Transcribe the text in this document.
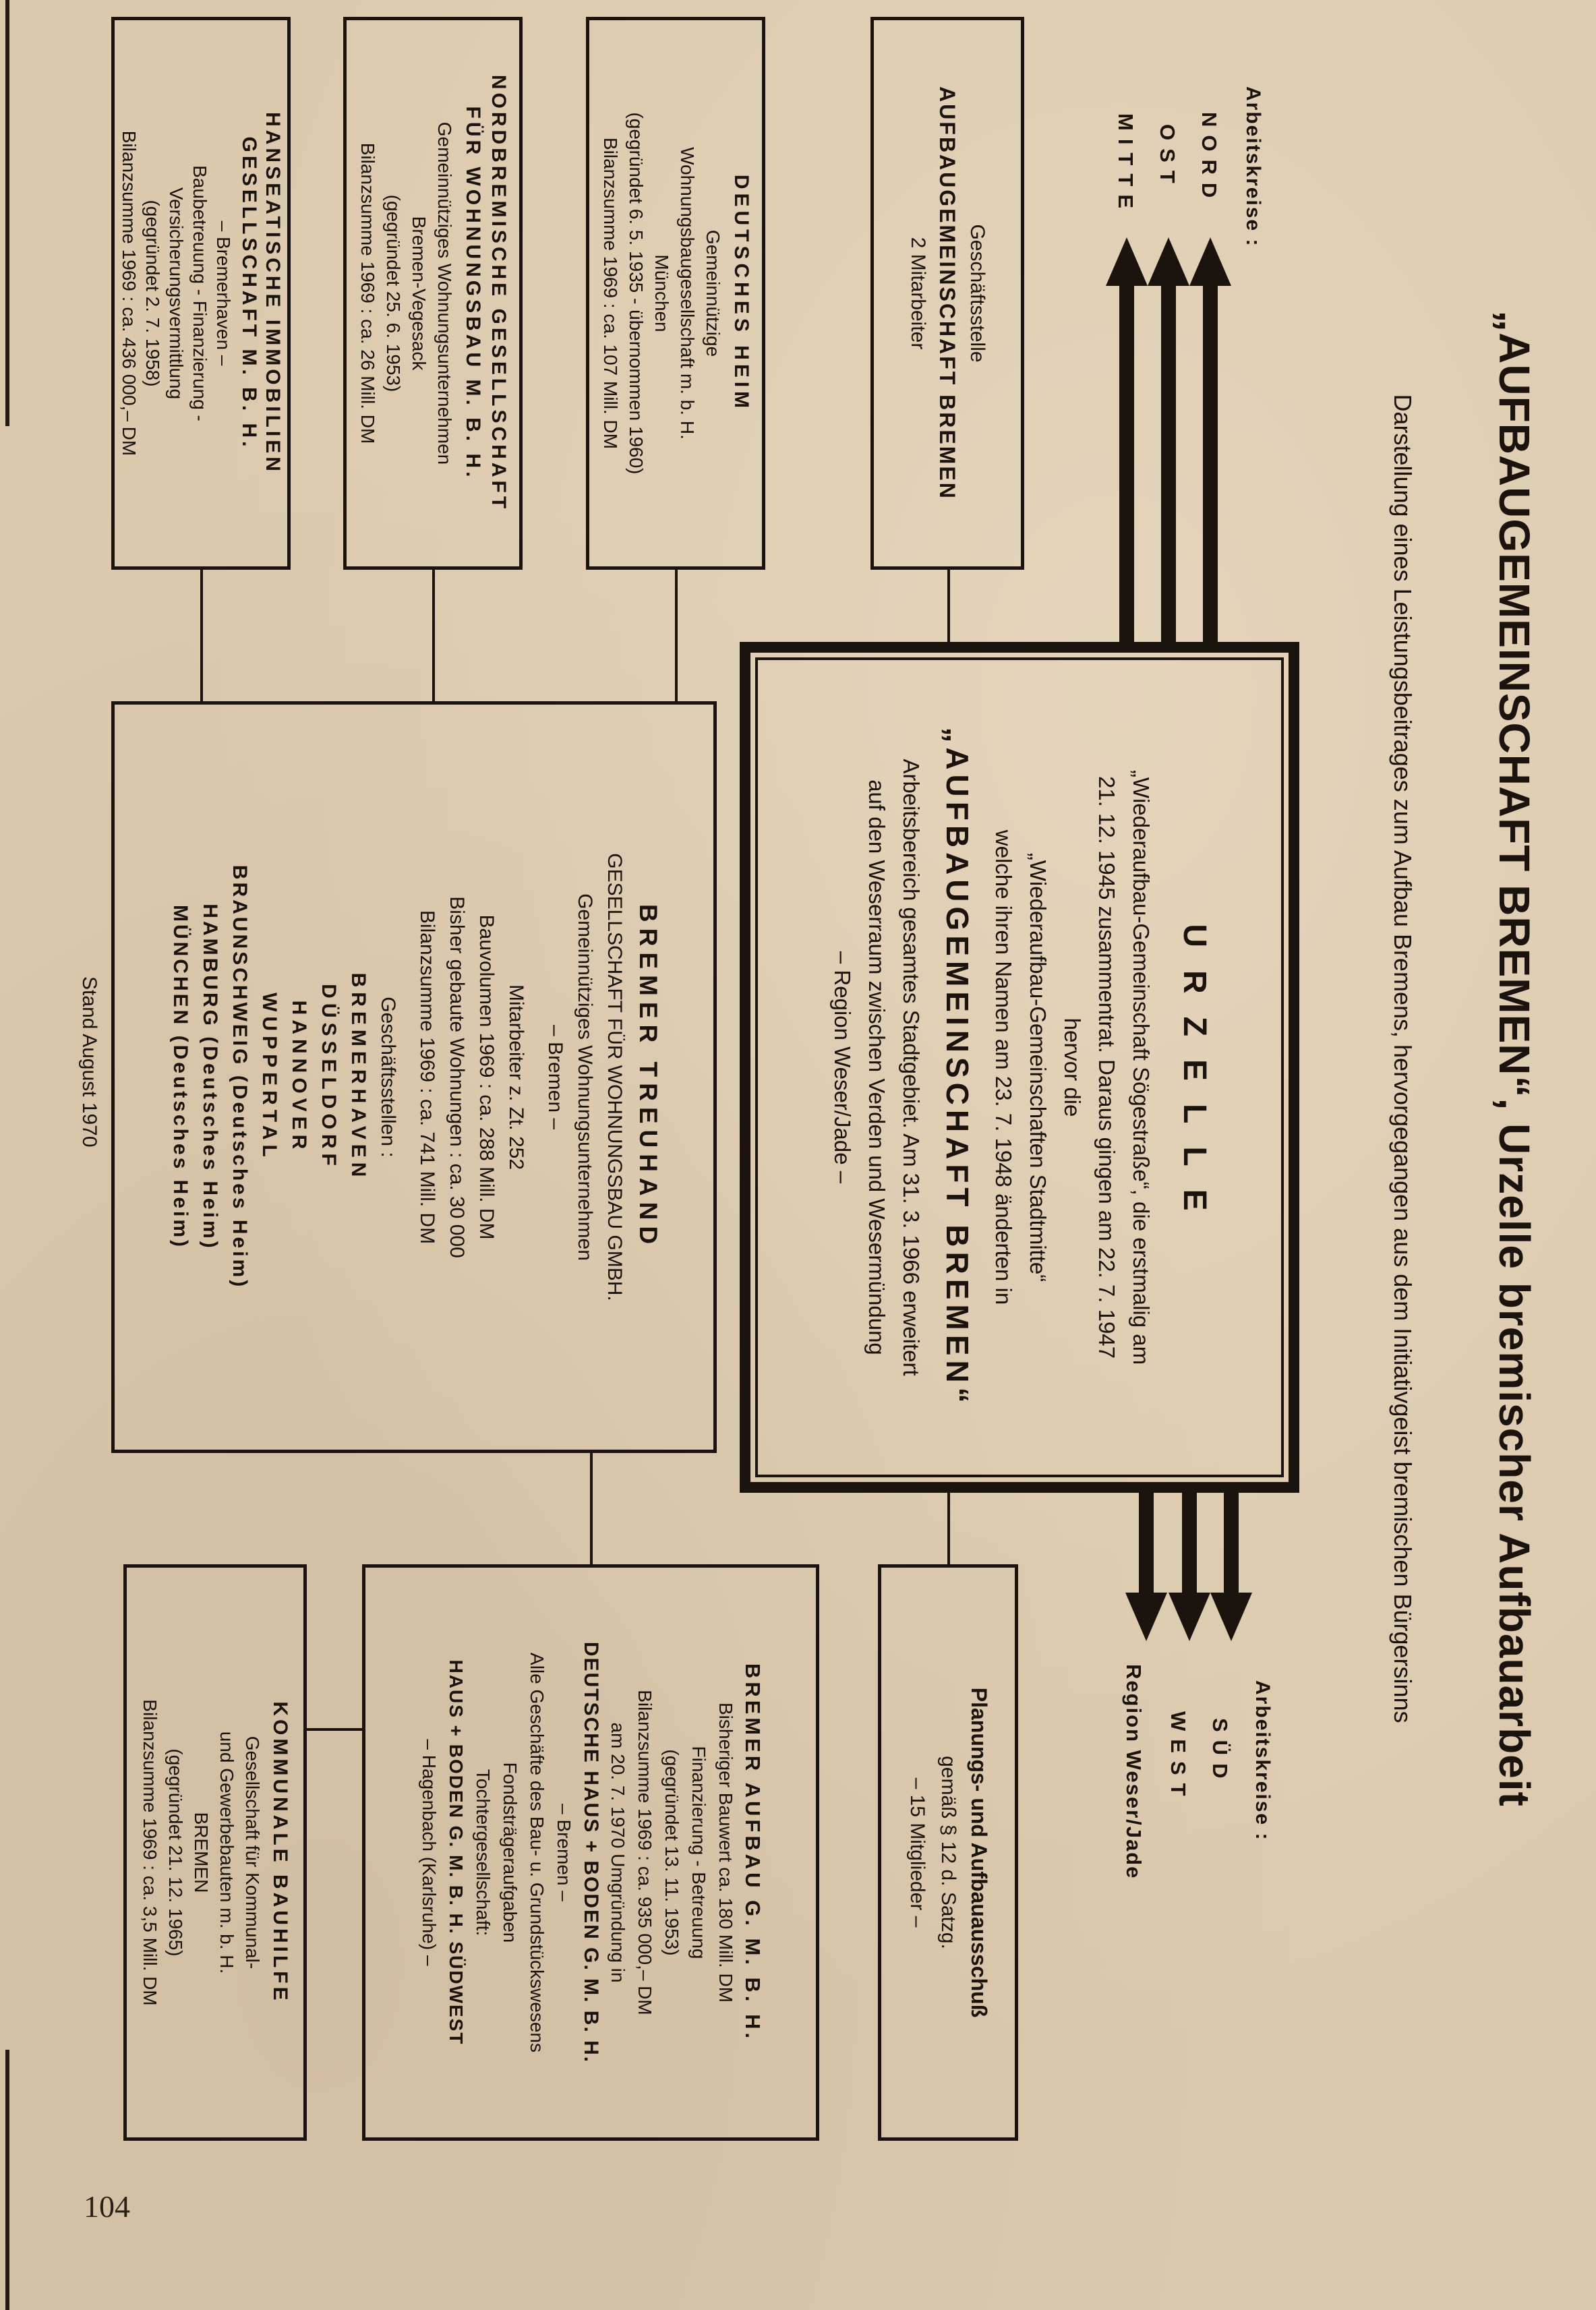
104
„AUFBAUGEMEINSCHAFT BREMEN“, Urzelle bremischer Aufbauarbeit
Darstellung eines Leistungsbeitrages zum Aufbau Bremens, hervorgegangen aus dem Initiativgeist bremischen Bürgersinns
Arbeitskreise :
NORD
OST
MITTE
Arbeitskreise :
SÜD
WEST
Region Weser/Jade
URZELLE
„Wiederaufbau-Gemeinschaft Sögestraße“, die erstmalig am
21. 12. 1945 zusammentrat. Daraus gingen am 22. 7. 1947
hervor die
„Wiederaufbau-Gemeinschaften Stadtmitte“
welche ihren Namen am 23. 7. 1948 änderten in
„AUFBAUGEMEINSCHAFT BREMEN“
Arbeitsbereich gesamtes Stadtgebiet. Am 31. 3. 1966 erweitert
auf den Weserraum zwischen Verden und Wesermündung
– Region Weser/Jade –
Geschäftsstelle
AUFBAUGEMEINSCHAFT BREMEN
2 Mitarbeiter
DEUTSCHES HEIM
Gemeinnützige
Wohnungsbaugesellschaft m. b. H.
München
(gegründet 6. 5. 1935 - übernommen 1960)
Bilanzsumme 1969 : ca. 107 Mill. DM
NORDBREMISCHE GESELLSCHAFT
FÜR WOHNUNGSBAU M. B. H.
Gemeinnütziges Wohnungsunternehmen
Bremen-Vegesack
(gegründet 25. 6. 1953)
Bilanzsumme 1969 : ca. 26 Mill. DM
HANSEATISCHE IMMOBILIEN
GESELLSCHAFT M. B. H.
– Bremerhaven –
Baubetreuung - Finanzierung -
Versicherungsvermittlung
(gegründet 2. 7. 1958)
Bilanzsumme 1969 : ca. 436 000,– DM
BREMER TREUHAND
GESELLSCHAFT FÜR WOHNUNGSBAU GMBH.
Gemeinnütziges Wohnungsunternehmen
– Bremen –
Mitarbeiter z. Zt. 252
Bauvolumen 1969 : ca. 288 Mill. DM
Bisher gebaute Wohnungen : ca. 30 000
Bilanzsumme 1969 : ca. 741 Mill. DM
Geschäftsstellen :
BREMERHAVEN
DÜSSELDORF
HANNOVER
WUPPERTAL
BRAUNSCHWEIG (Deutsches Heim)
HAMBURG (Deutsches Heim)
MÜNCHEN (Deutsches Heim)
Stand August 1970
Planungs- und Aufbauausschuß
gemäß § 12 d. Satzg.
– 15 Mitglieder –
BREMER AUFBAU G. M. B. H.
Bisheriger Bauwert ca. 180 Mill. DM
Finanzierung - Betreuung
(gegründet 13. 11. 1953)
Bilanzsumme 1969 : ca. 935 000,– DM
am 20. 7. 1970 Umgründung in
DEUTSCHE HAUS + BODEN G. M. B. H.
– Bremen –
Alle Geschäfte des Bau- u. Grundstückswesens
Fondsträgeraufgaben
Tochtergesellschaft:
HAUS + BODEN G. M. B. H. SÜDWEST
– Hagenbach (Karlsruhe) –
KOMMUNALE BAUHILFE
Gesellschaft für Kommunal-
und Gewerbebauten m. b. H.
BREMEN
(gegründet 21. 12. 1965)
Bilanzsumme 1969 : ca. 3,5 Mill. DM
